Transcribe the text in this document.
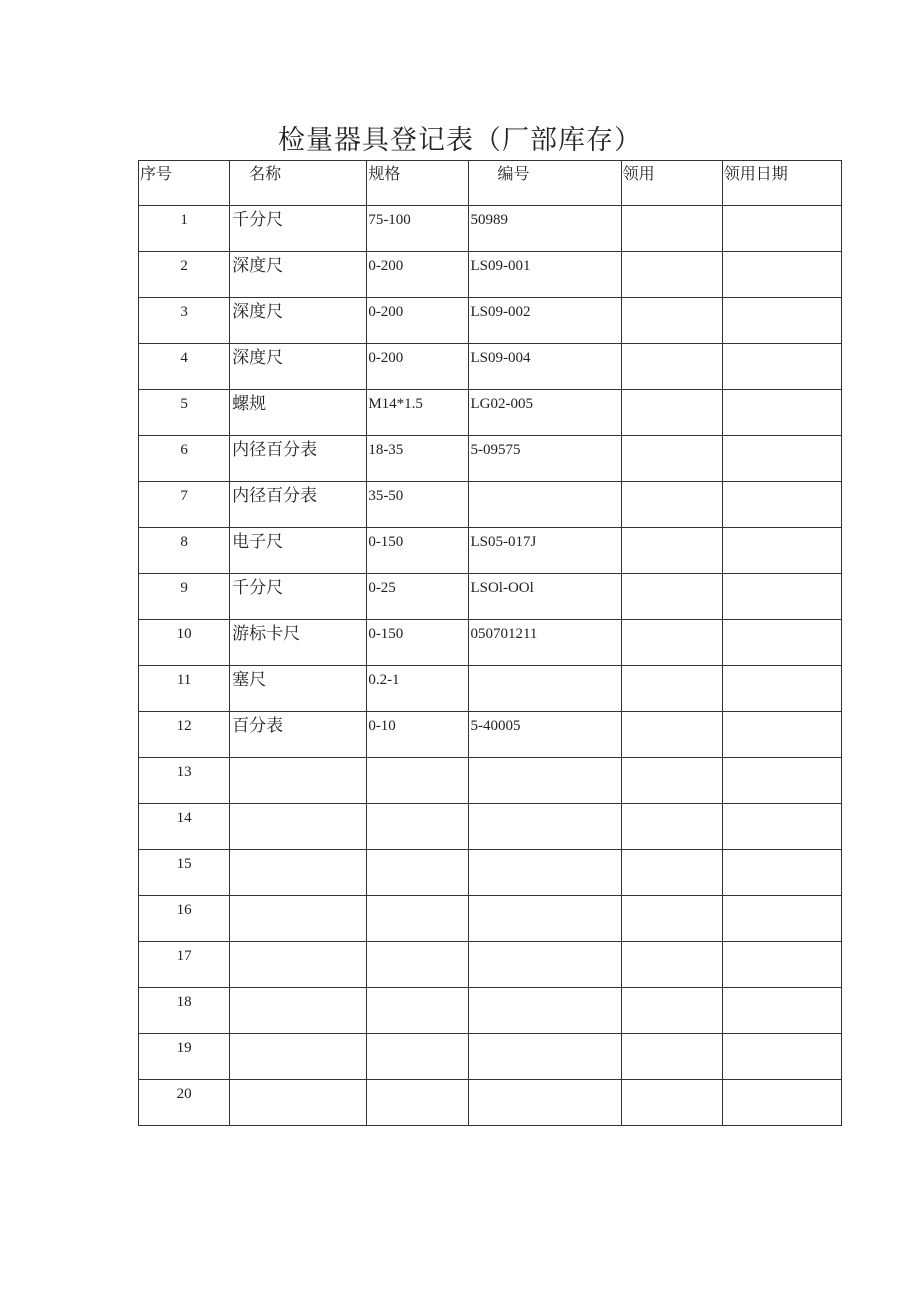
检量器具登记表（厂部库存）
序号	名称	规格	编号	领用	领用日期
1	千分尺	75-100	50989		
2	深度尺	0-200	LS09-001		
3	深度尺	0-200	LS09-002		
4	深度尺	0-200	LS09-004		
5	螺规	M14*1.5	LG02-005		
6	内径百分表	18-35	5-09575		
7	内径百分表	35-50			
8	电子尺	0-150	LS05-017J		
9	千分尺	0-25	LSOl-OOl		
10	游标卡尺	0-150	050701211		
11	塞尺	0.2-1			
12	百分表	0-10	5-40005		
13					
14					
15					
16					
17					
18					
19					
20					
